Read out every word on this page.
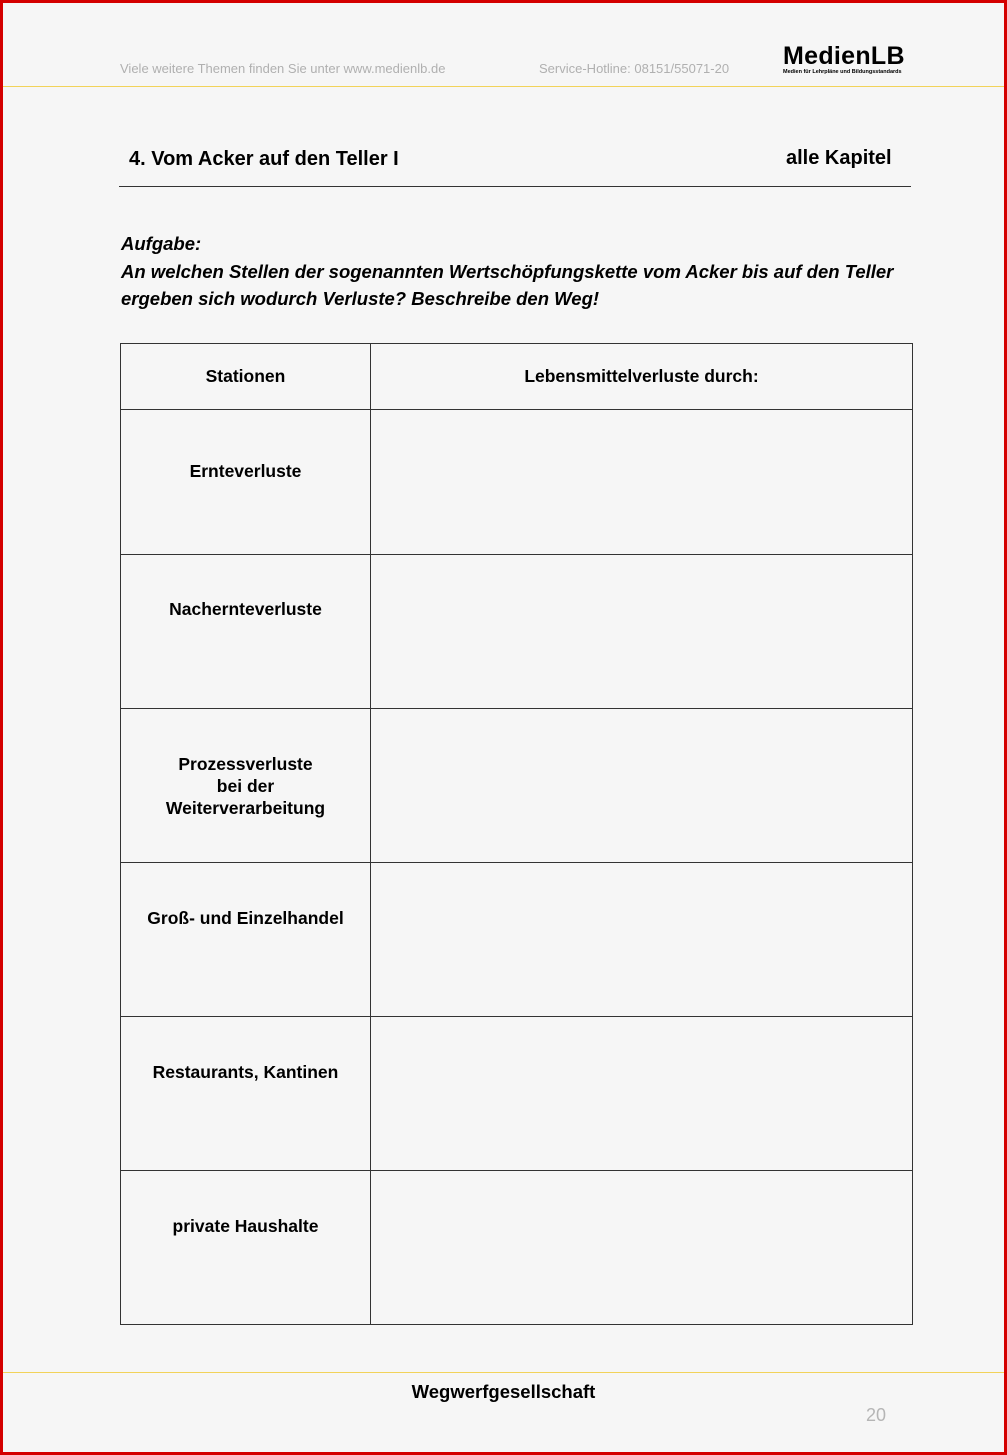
Viele weitere Themen finden Sie unter www.medienlb.de	Service-Hotline: 08151/55071-20 MedienLB
Medien für Lehrpläne und Bildungsstandards
4. Vom Acker auf den Teller I	alle Kapitel
Aufgabe:
An welchen Stellen der sogenannten Wertschöpfungskette vom Acker bis auf den Teller ergeben sich wodurch Verluste? Beschreibe den Weg!
Stationen	Lebensmittelverluste durch:

Ernteverluste	

Nachernteverluste	

Prozessverluste
bei der
Weiterverarbeitung	

Groß- und Einzelhandel	

Restaurants, Kantinen	

private Haushalte	

Wegwerfgesellschaft
20
